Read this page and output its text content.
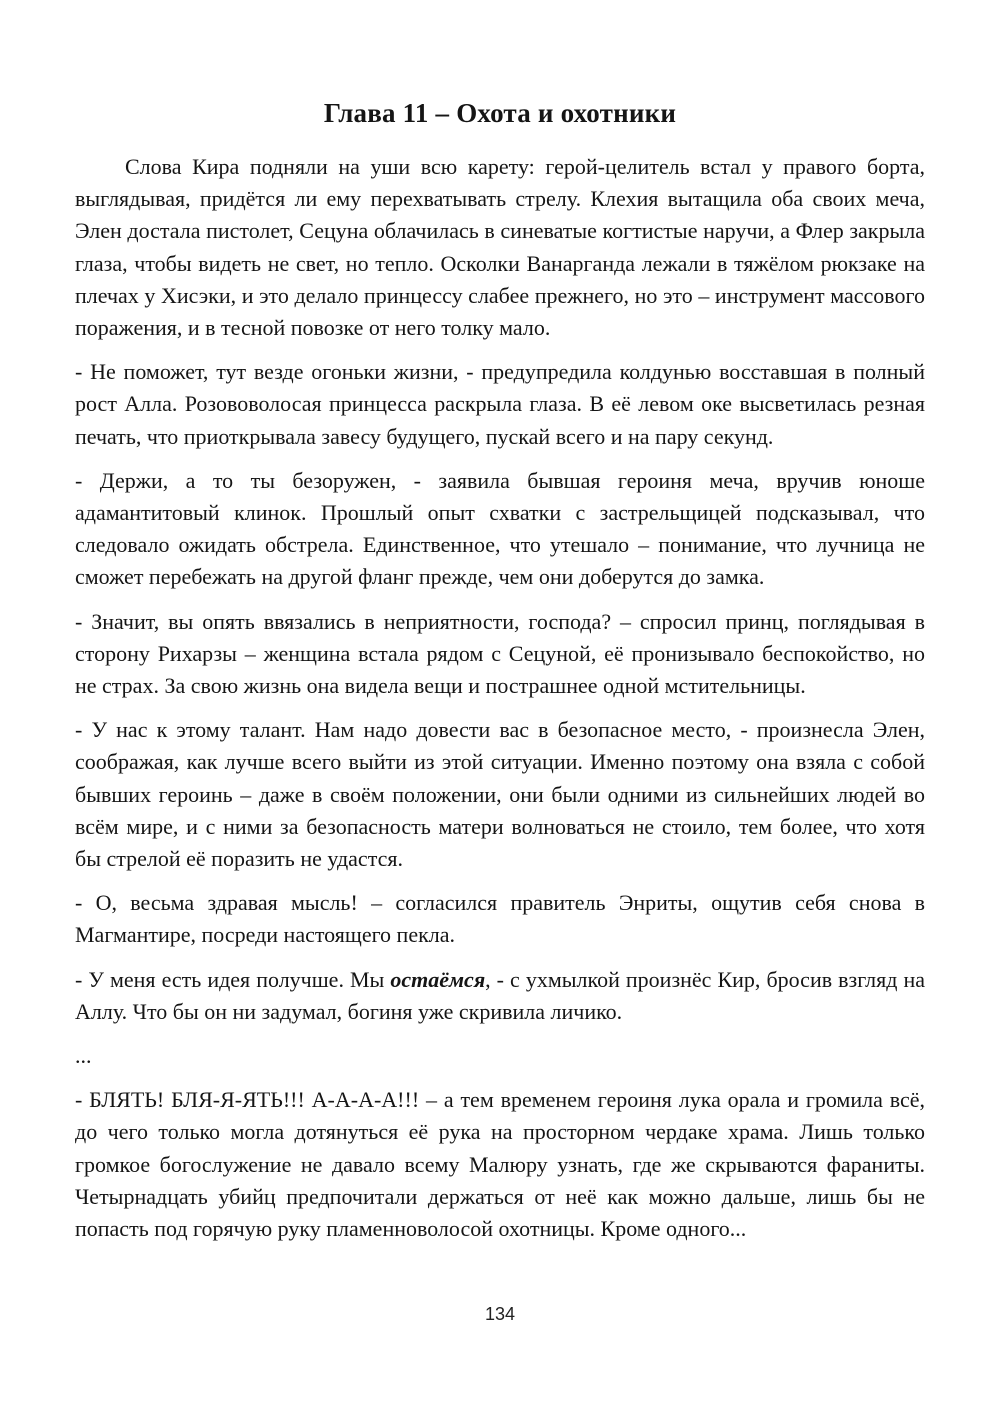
Глава 11 – Охота и охотники

Слова Кира подняли на уши всю карету: герой-целитель встал у правого борта, выглядывая, придётся ли ему перехватывать стрелу. Клехия вытащила оба своих меча, Элен достала пистолет, Сецуна облачилась в синеватые когтистые наручи, а Флер закрыла глаза, чтобы видеть не свет, но тепло. Осколки Ванарганда лежали в тяжёлом рюкзаке на плечах у Хисэки, и это делало принцессу слабее прежнего, но это – инструмент массового поражения, и в тесной повозке от него толку мало.

- Не поможет, тут везде огоньки жизни, - предупредила колдунью восставшая в полный рост Алла. Розововолосая принцесса раскрыла глаза. В её левом оке высветилась резная печать, что приоткрывала завесу будущего, пускай всего и на пару секунд.

- Держи, а то ты безоружен, - заявила бывшая героиня меча, вручив юноше адамантитовый клинок. Прошлый опыт схватки с застрельщицей подсказывал, что следовало ожидать обстрела. Единственное, что утешало – понимание, что лучница не сможет перебежать на другой фланг прежде, чем они доберутся до замка.

- Значит, вы опять ввязались в неприятности, господа? – спросил принц, поглядывая в сторону Рихарзы – женщина встала рядом с Сецуной, её пронизывало беспокойство, но не страх. За свою жизнь она видела вещи и пострашнее одной мстительницы.

- У нас к этому талант. Нам надо довести вас в безопасное место, - произнесла Элен, соображая, как лучше всего выйти из этой ситуации. Именно поэтому она взяла с собой бывших героинь – даже в своём положении, они были одними из сильнейших людей во всём мире, и с ними за безопасность матери волноваться не стоило, тем более, что хотя бы стрелой её поразить не удастся.

- О, весьма здравая мысль! – согласился правитель Энриты, ощутив себя снова в Магмантире, посреди настоящего пекла.

- У меня есть идея получше. Мы остаёмся, - с ухмылкой произнёс Кир, бросив взгляд на Аллу. Что бы он ни задумал, богиня уже скривила личико.

...

- БЛЯТЬ! БЛЯ-Я-ЯТЬ!!! А-А-А-А!!! – а тем временем героиня лука орала и громила всё, до чего только могла дотянуться её рука на просторном чердаке храма. Лишь только громкое богослужение не давало всему Малюру узнать, где же скрываются фараниты. Четырнадцать убийц предпочитали держаться от неё как можно дальше, лишь бы не попасть под горячую руку пламенноволосой охотницы. Кроме одного...

134
